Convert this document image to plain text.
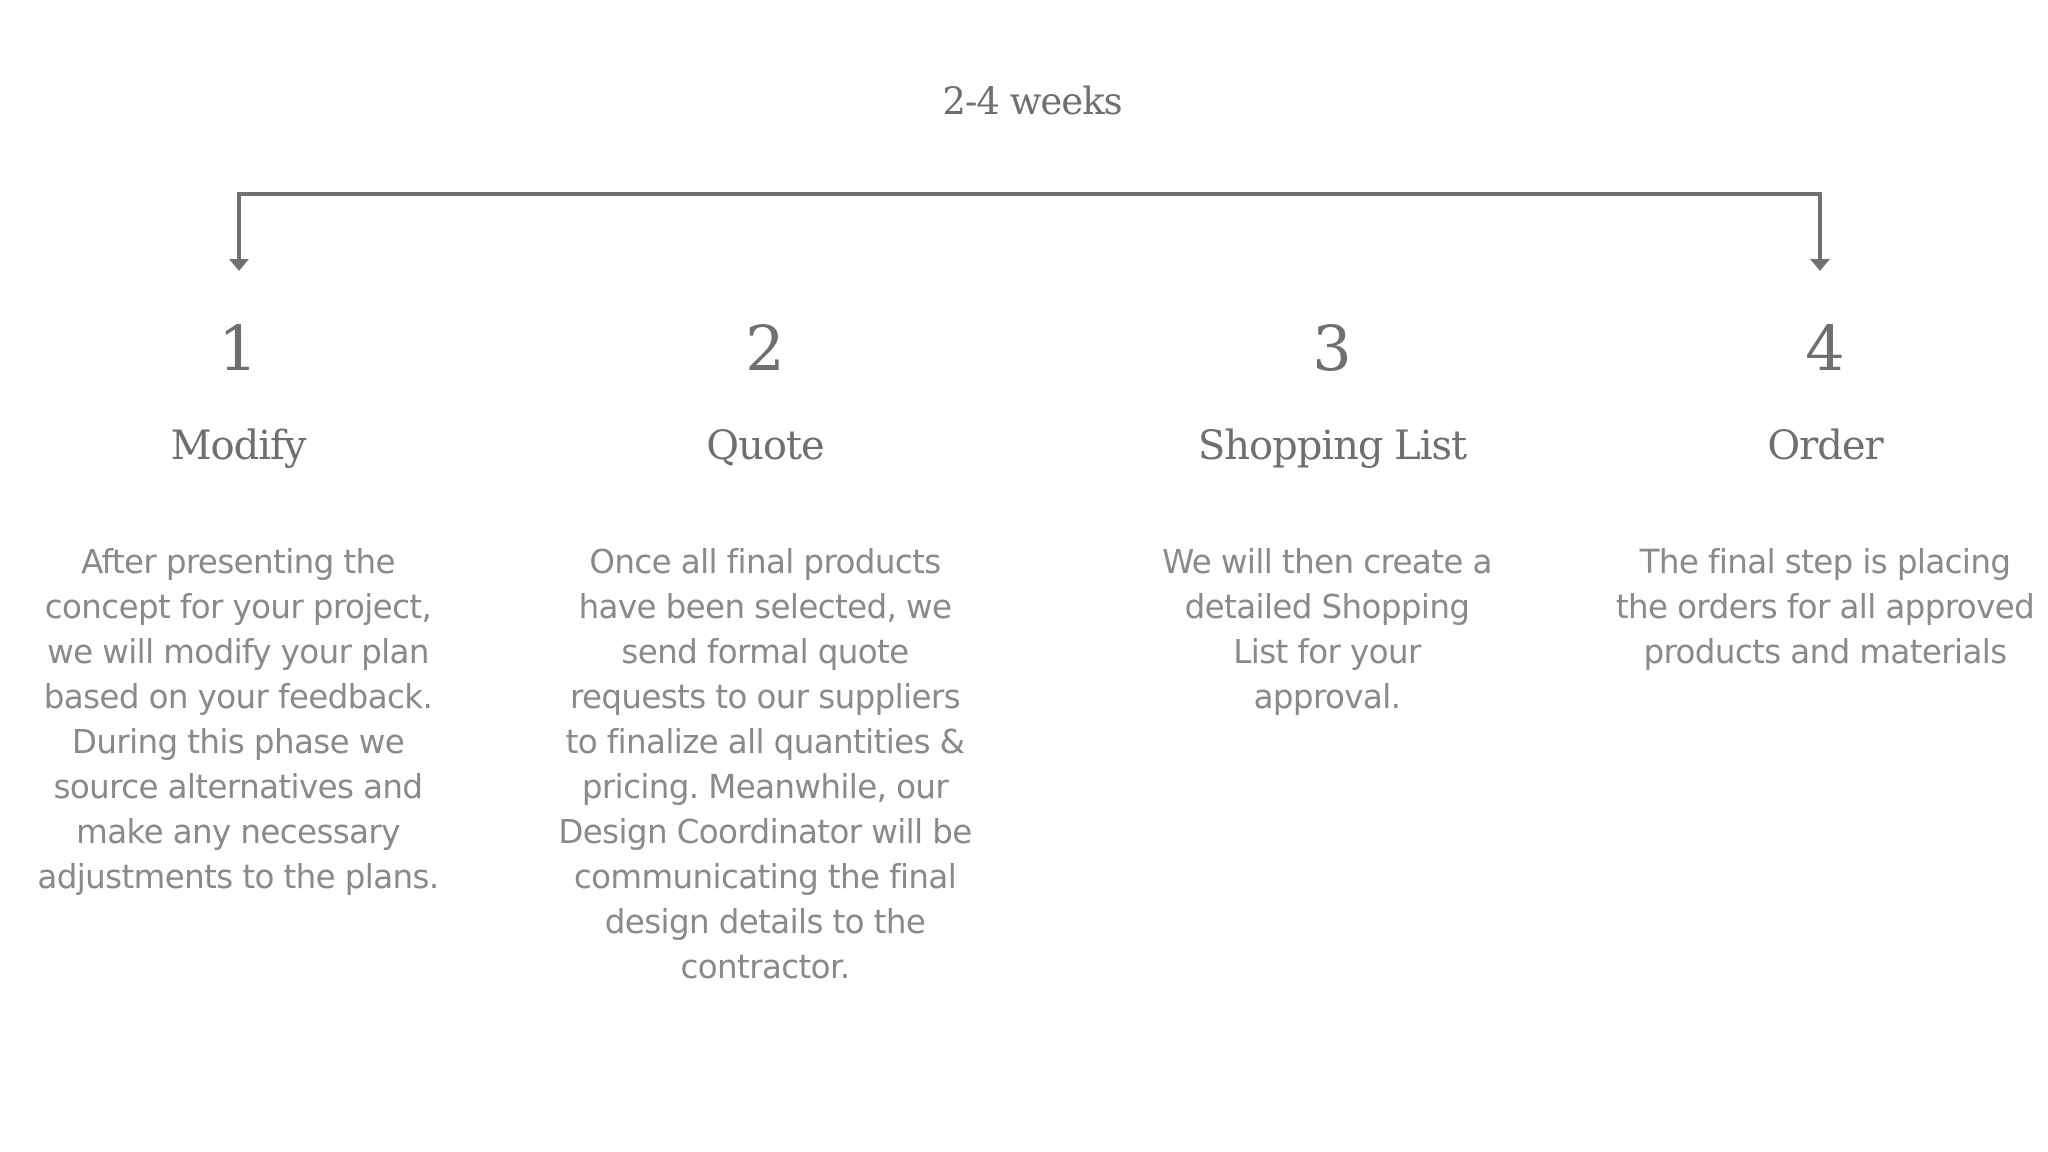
2-4 weeks
1
Modify
After presenting the concept for your project, we will modify your plan based on your feedback. During this phase we source alternatives and make any necessary adjustments to the plans.
2
Quote
Once all final products have been selected, we send formal quote requests to our suppliers to finalize all quantities & pricing. Meanwhile, our Design Coordinator will be communicating the final design details to the contractor.
3
Shopping List
We will then create a detailed Shopping List for your approval.
4
Order
The final step is placing the orders for all approved products and materials
